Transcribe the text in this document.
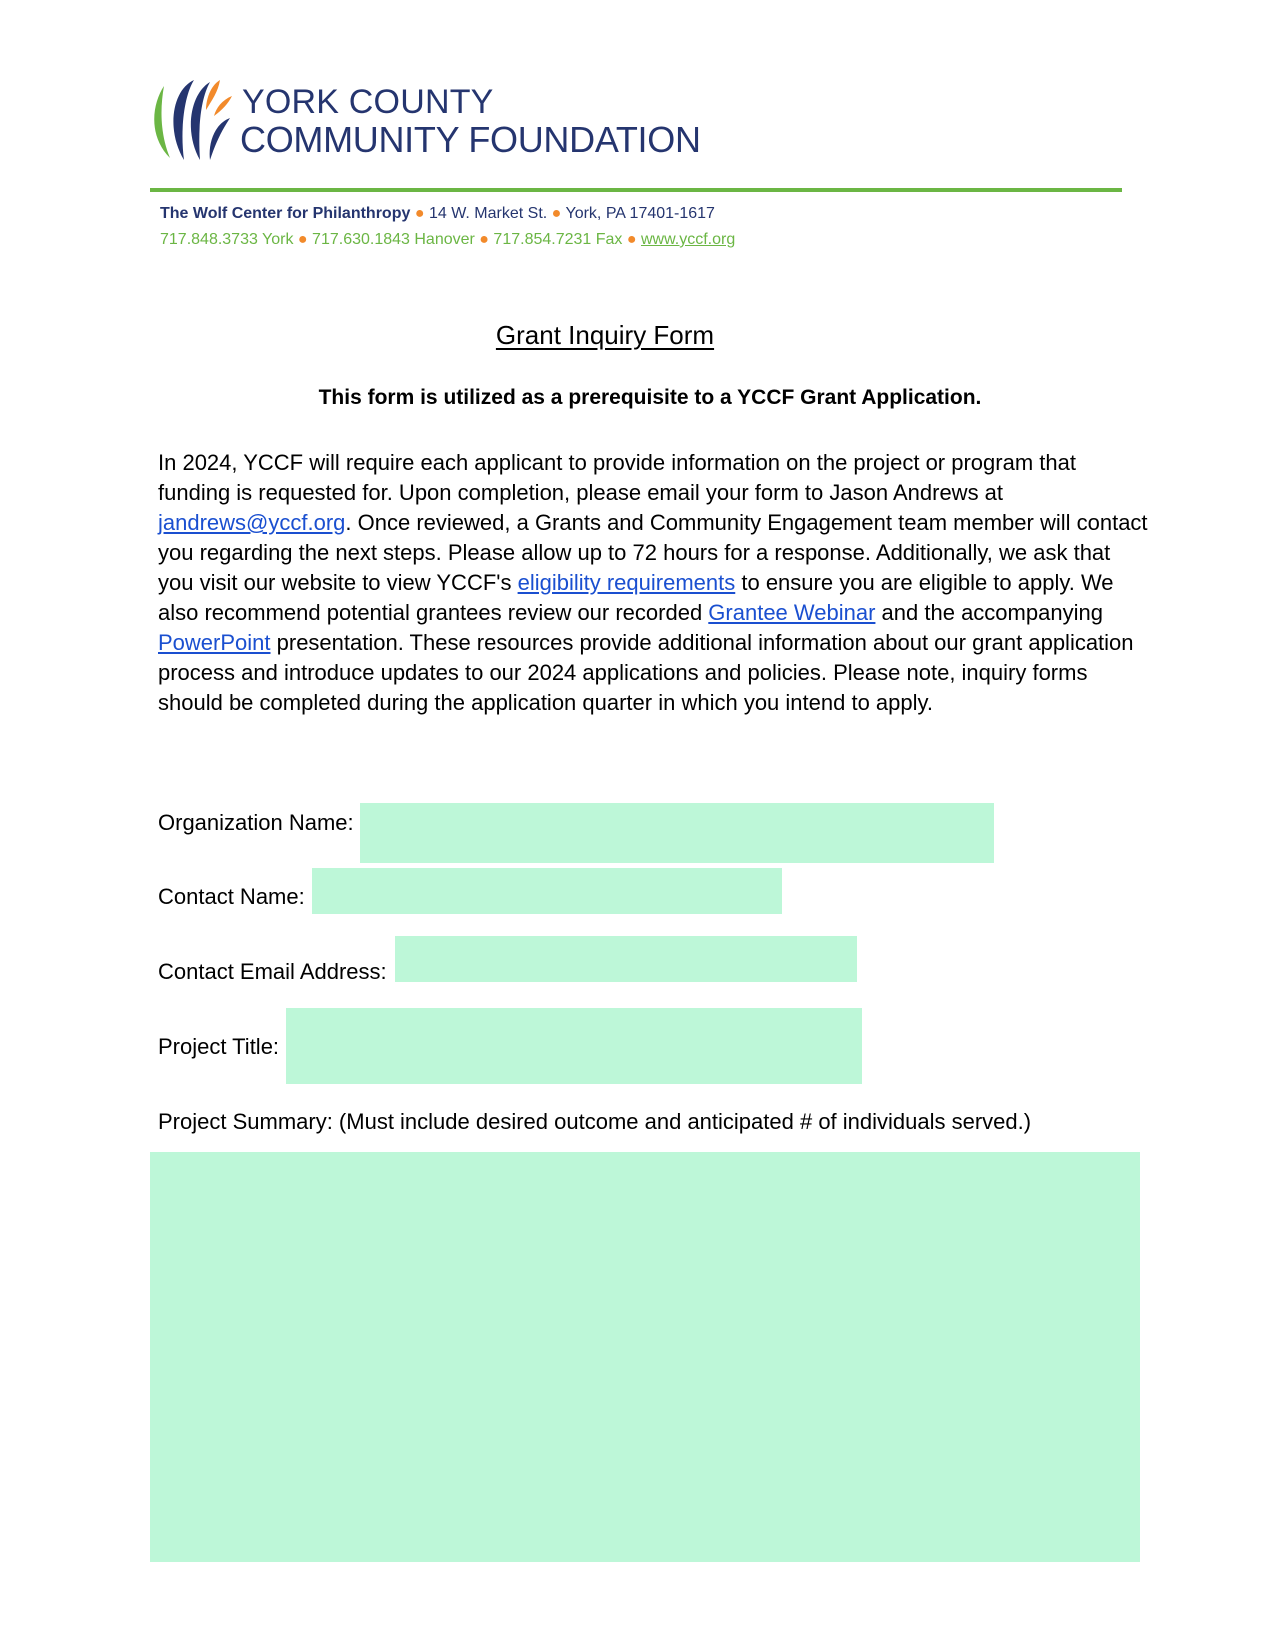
YORK COUNTY
COMMUNITY FOUNDATION
The Wolf Center for Philanthropy ● 14 W. Market St. ● York, PA 17401-1617
717.848.3733 York ● 717.630.1843 Hanover ● 717.854.7231 Fax ● www.yccf.org
Grant Inquiry Form
This form is utilized as a prerequisite to a YCCF Grant Application.
In 2024, YCCF will require each applicant to provide information on the project or program that funding is requested for. Upon completion, please email your form to Jason Andrews at jandrews@yccf.org. Once reviewed, a Grants and Community Engagement team member will contact you regarding the next steps. Please allow up to 72 hours for a response. Additionally, we ask that you visit our website to view YCCF's eligibility requirements to ensure you are eligible to apply. We also recommend potential grantees review our recorded Grantee Webinar and the accompanying PowerPoint presentation. These resources provide additional information about our grant application process and introduce updates to our 2024 applications and policies. Please note, inquiry forms should be completed during the application quarter in which you intend to apply.
Organization Name:
Contact Name:
Contact Email Address:
Project Title:
Project Summary: (Must include desired outcome and anticipated # of individuals served.)
